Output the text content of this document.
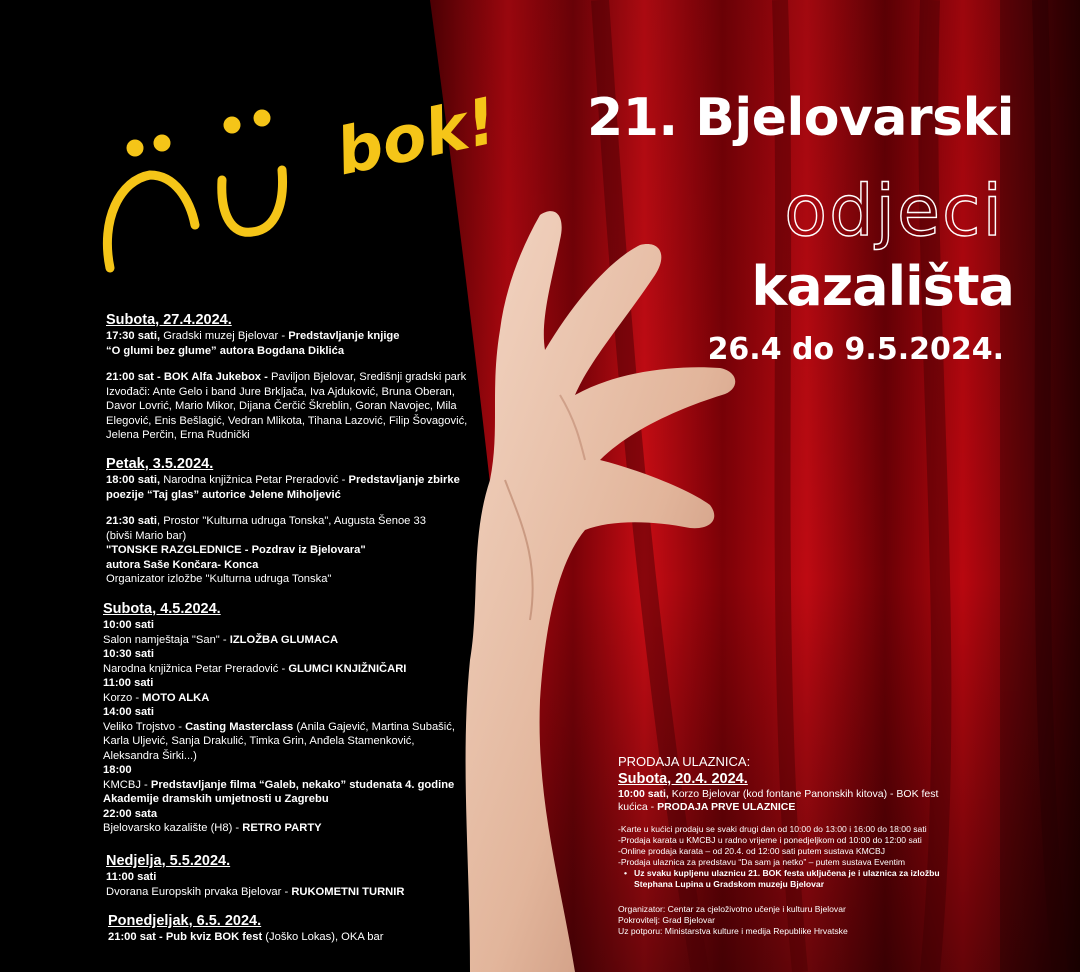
bok! 21. Bjelovarski
odjeci
kazališta
26.4 do 9.5.2024.
Subota, 27.4.2024.
17:30 sati, Gradski muzej Bjelovar - Predstavljanje knjige
“O glumi bez glume” autora Bogdana Diklića
21:00 sat - BOK Alfa Jukebox - Paviljon Bjelovar, Središnji gradski park
Izvođači: Ante Gelo i band Jure Brkljača, Iva Ajduković, Bruna Oberan,
Davor Lovrić, Mario Mikor, Dijana Čerčić Škreblin, Goran Navojec, Mila
Elegović, Enis Bešlagić, Vedran Mlikota, Tihana Lazović, Filip Šovagović,
Jelena Perčin, Erna Rudnički
Petak, 3.5.2024.
18:00 sati, Narodna knjižnica Petar Preradović - Predstavljanje zbirke
poezije “Taj glas” autorice Jelene Miholjević
21:30 sati, Prostor "Kulturna udruga Tonska", Augusta Šenoe 33
(bivši Mario bar)
"TONSKE RAZGLEDNICE - Pozdrav iz Bjelovara"
autora Saše Končara- Konca
Organizator izložbe "Kulturna udruga Tonska"
Subota, 4.5.2024.
10:00 sati
Salon namještaja "San" - IZLOŽBA GLUMACA
10:30 sati
Narodna knjižnica Petar Preradović - GLUMCI KNJIŽNIČARI
11:00 sati
Korzo - MOTO ALKA
14:00 sati
Veliko Trojstvo - Casting Masterclass (Anila Gajević, Martina Subašić,
Karla Uljević, Sanja Drakulić, Timka Grin, Anđela Stamenković,
Aleksandra Širki...)
18:00
KMCBJ - Predstavljanje filma “Galeb, nekako” studenata 4. godine
Akademije dramskih umjetnosti u Zagrebu
22:00 sata
Bjelovarsko kazalište (H8) - RETRO PARTY
Nedjelja, 5.5.2024.
11:00 sati
Dvorana Europskih prvaka Bjelovar - RUKOMETNI TURNIR
Ponedjeljak, 6.5. 2024.
21:00 sat - Pub kviz BOK fest (Joško Lokas), OKA bar
PRODAJA ULAZNICA:
Subota, 20.4. 2024.
10:00 sati, Korzo Bjelovar (kod fontane Panonskih kitova) - BOK fest
kućica - PRODAJA PRVE ULAZNICE
-Karte u kućici prodaju se svaki drugi dan od 10:00 do 13:00 i 16:00 do 18:00 sati
-Prodaja karata u KMCBJ u radno vrijeme i ponedjeljkom od 10:00 do 12:00 sati
-Online prodaja karata – od 20.4. od 12:00 sati putem sustava KMCBJ
-Prodaja ulaznica za predstavu “Da sam ja netko” – putem sustava Eventim
• Uz svaku kupljenu ulaznicu 21. BOK festa uključena je i ulaznica za izložbu
Stephana Lupina u Gradskom muzeju Bjelovar
Organizator: Centar za cjeloživotno učenje i kulturu Bjelovar
Pokrovitelj: Grad Bjelovar
Uz potporu: Ministarstva kulture i medija Republike Hrvatske
